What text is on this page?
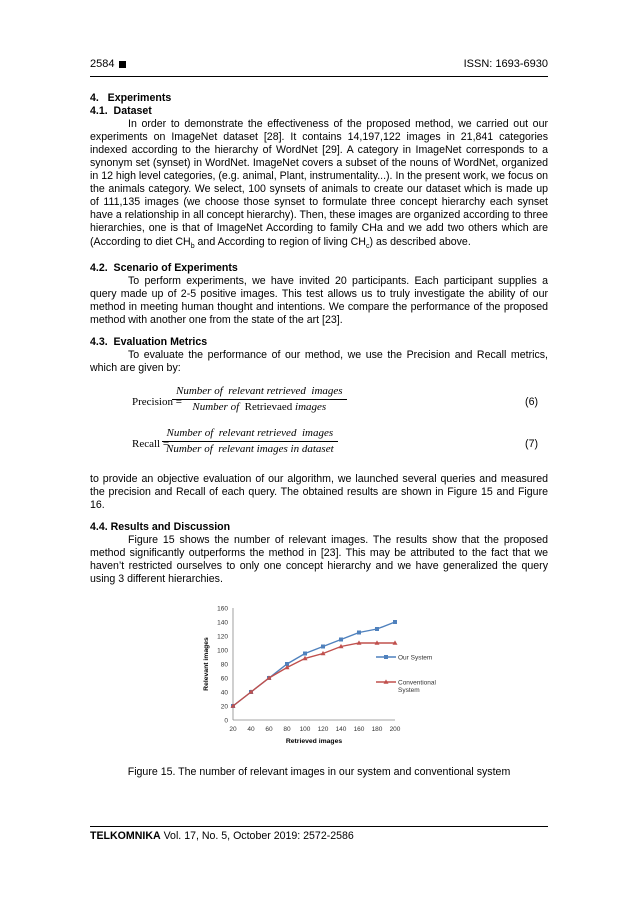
2584	ISSN: 1693-6930
4.   Experiments
4.1.  Dataset

In order to demonstrate the effectiveness of the proposed method, we carried out our experiments on ImageNet dataset [28]. It contains 14,197,122 images in 21,841 categories indexed according to the hierarchy of WordNet [29]. A category in ImageNet corresponds to a synonym set (synset) in WordNet. ImageNet covers a subset of the nouns of WordNet, organized in 12 high level categories, (e.g. animal, Plant, instrumentality...). In the present work, we focus on the animals category. We select, 100 synsets of animals to create our dataset which is made up of 111,135 images (we choose those synset to formulate three concept hierarchy each synset have a relationship in all concept hierarchy). Then, these images are organized according to three hierarchies, one is that of ImageNet According to family CHa and we add two others which are (According to diet $CH_b$ and According to region of living $CH_c$) as described above.

4.2.  Scenario of Experiments

To perform experiments, we have invited 20 participants. Each participant supplies a query made up of 2-5 positive images. This test allows us to truly investigate the ability of our method in meeting human thought and intentions. We compare the performance of the proposed method with another one from the state of the art [23].

4.3.  Evaluation Metrics

To evaluate the performance of our method, we use the Precision and Recall metrics, which are given by:

Precision =
Number of  relevant retrieved  images
Number of  Retrievaed images	(6)
Recall =
Number of  relevant retrieved  images
Number of  relevant images in dataset	(7)

to provide an objective evaluation of our algorithm, we launched several queries and measured the precision and Recall of each query. The obtained results are shown in Figure 15 and Figure 16.

4.4. Results and Discussion

Figure 15 shows the number of relevant images. The results show that the proposed method significantly outperforms the method in [23]. This may be attributed to the fact that we haven’t restricted ourselves to only one concept hierarchy and we have generalized the query using 3 different hierarchies.

0
20
40
60
80
100
120
140
160
20 40 60 80 100 120 140 160 180 200
Retrieved images
Relevant images	Our System
Conventional
System
Figure 15. The number of relevant images in our system and conventional system
TELKOMNIKA Vol. 17, No. 5, October 2019: 2572-2586
